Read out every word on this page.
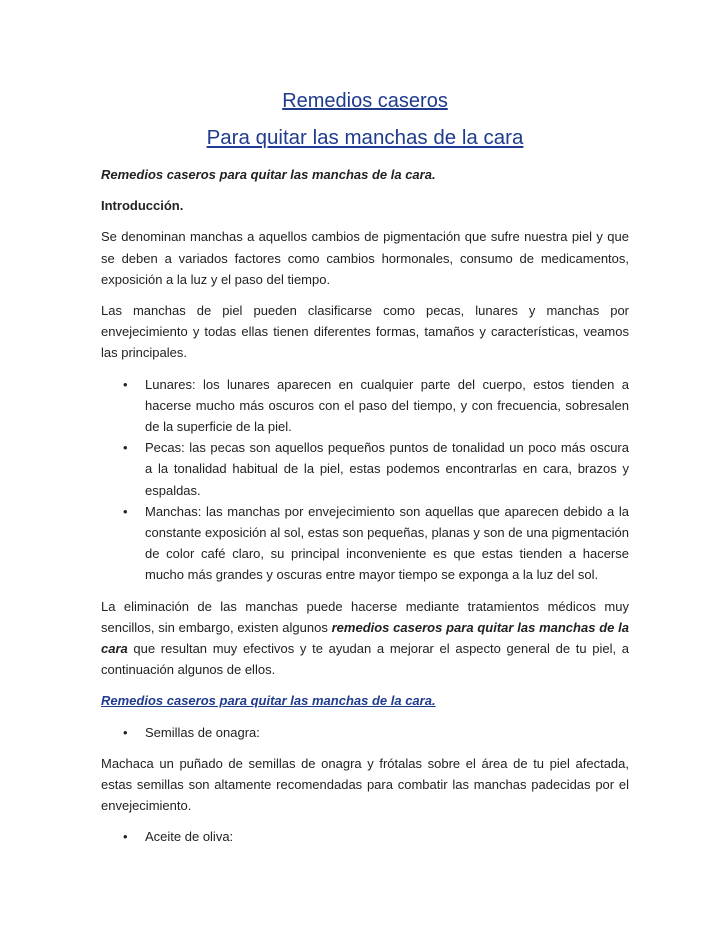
Remedios caseros
Para quitar las manchas de la cara

Remedios caseros para quitar las manchas de la cara.

Introducción.

Se denominan manchas a aquellos cambios de pigmentación que sufre nuestra piel y que se deben a variados factores como cambios hormonales, consumo de medicamentos, exposición a la luz y el paso del tiempo.

Las manchas de piel pueden clasificarse como pecas, lunares y manchas por envejecimiento y todas ellas tienen diferentes formas, tamaños y características, veamos las principales.

• Lunares: los lunares aparecen en cualquier parte del cuerpo, estos tienden a hacerse mucho más oscuros con el paso del tiempo, y con frecuencia, sobresalen de la superficie de la piel.
• Pecas: las pecas son aquellos pequeños puntos de tonalidad un poco más oscura a la tonalidad habitual de la piel, estas podemos encontrarlas en cara, brazos y espaldas.
• Manchas: las manchas por envejecimiento son aquellas que aparecen debido a la constante exposición al sol, estas son pequeñas, planas y son de una pigmentación de color café claro, su principal inconveniente es que estas tienden a hacerse mucho más grandes y oscuras entre mayor tiempo se exponga a la luz del sol.

La eliminación de las manchas puede hacerse mediante tratamientos médicos muy sencillos, sin embargo, existen algunos remedios caseros para quitar las manchas de la cara que resultan muy efectivos y te ayudan a mejorar el aspecto general de tu piel, a continuación algunos de ellos.

Remedios caseros para quitar las manchas de la cara.

• Semillas de onagra:

Machaca un puñado de semillas de onagra y frótalas sobre el área de tu piel afectada, estas semillas son altamente recomendadas para combatir las manchas padecidas por el envejecimiento.

• Aceite de oliva:
